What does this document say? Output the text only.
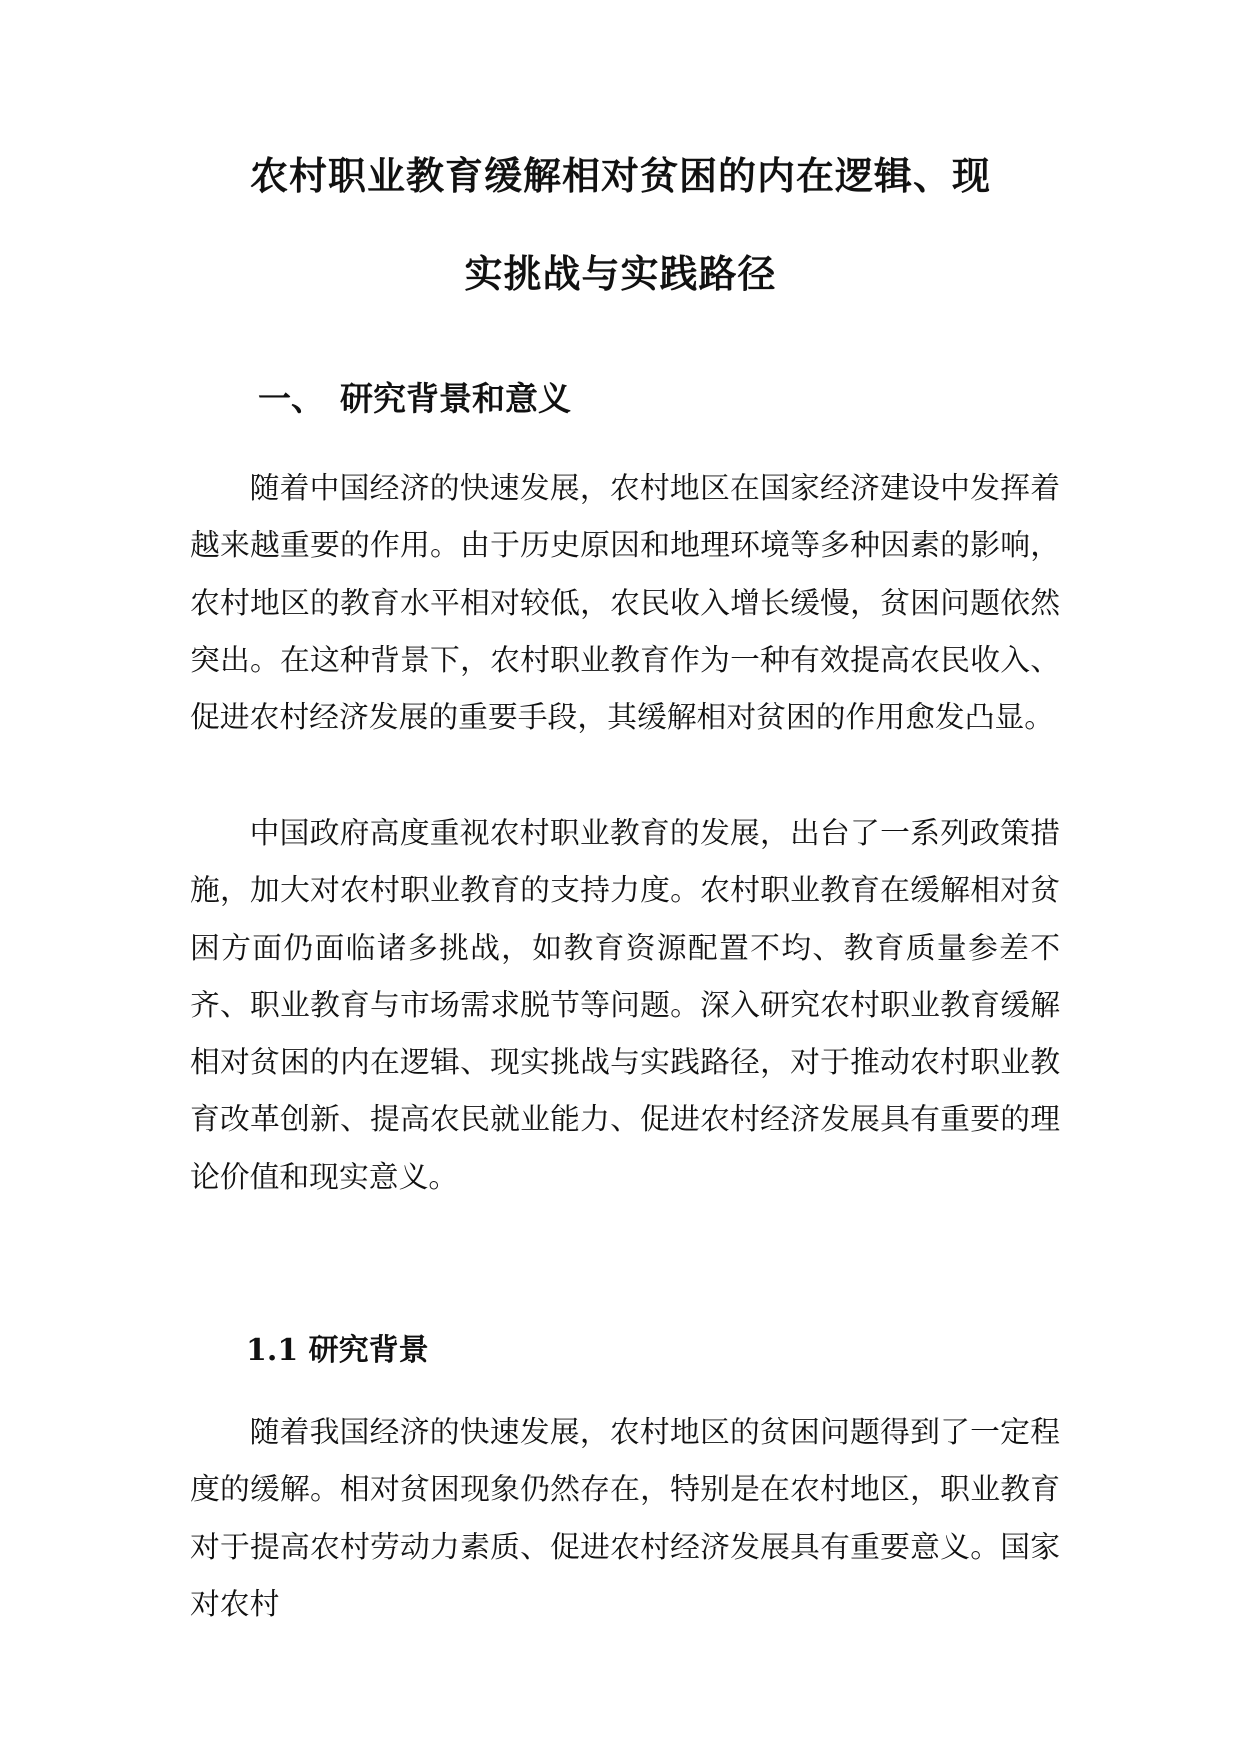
农村职业教育缓解相对贫困的内在逻辑、现
实挑战与实践路径
一、 研究背景和意义
随着中国经济的快速发展，农村地区在国家经济建设中发挥着越来越重要的作用。由于历史原因和地理环境等多种因素的影响，农村地区的教育水平相对较低，农民收入增长缓慢，贫困问题依然突出。在这种背景下，农村职业教育作为一种有效提高农民收入、促进农村经济发展的重要手段，其缓解相对贫困的作用愈发凸显。
中国政府高度重视农村职业教育的发展，出台了一系列政策措施，加大对农村职业教育的支持力度。农村职业教育在缓解相对贫困方面仍面临诸多挑战，如教育资源配置不均、教育质量参差不齐、职业教育与市场需求脱节等问题。深入研究农村职业教育缓解相对贫困的内在逻辑、现实挑战与实践路径，对于推动农村职业教育改革创新、提高农民就业能力、促进农村经济发展具有重要的理论价值和现实意义。
1.1 研究背景
随着我国经济的快速发展，农村地区的贫困问题得到了一定程度的缓解。相对贫困现象仍然存在，特别是在农村地区，职业教育对于提高农村劳动力素质、促进农村经济发展具有重要意义。国家对农村
